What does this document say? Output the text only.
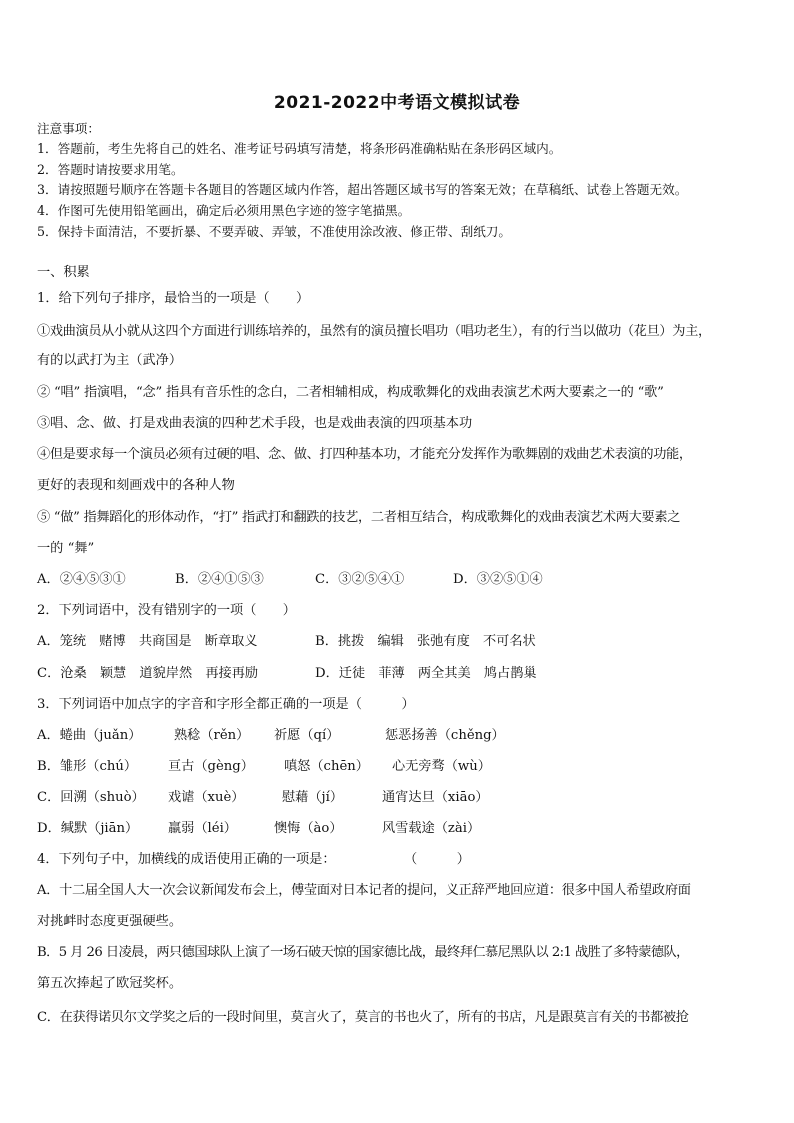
2021-2022中考语文模拟试卷
注意事项：
1．答题前，考生先将自己的姓名、准考证号码填写清楚，将条形码准确粘贴在条形码区域内。
2．答题时请按要求用笔。
3．请按照题号顺序在答题卡各题目的答题区域内作答，超出答题区域书写的答案无效；在草稿纸、试卷上答题无效。
4．作图可先使用铅笔画出，确定后必须用黑色字迹的签字笔描黑。
5．保持卡面清洁，不要折暴、不要弄破、弄皱，不准使用涂改液、修正带、刮纸刀。
一、积累
1．给下列句子排序，最恰当的一项是（　　）
①戏曲演员从小就从这四个方面进行训练培养的，虽然有的演员擅长唱功（唱功老生），有的行当以做功（花旦）为主，
有的以武打为主（武净）
② “唱” 指演唱，“念” 指具有音乐性的念白，二者相辅相成，构成歌舞化的戏曲表演艺术两大要素之一的 “歌”
③唱、念、做、打是戏曲表演的四种艺术手段，也是戏曲表演的四项基本功
④但是要求每一个演员必须有过硬的唱、念、做、打四种基本功，才能充分发挥作为歌舞剧的戏曲艺术表演的功能，
更好的表现和刻画戏中的各种人物
⑤ “做” 指舞蹈化的形体动作，“打” 指武打和翻跌的技艺，二者相互结合，构成歌舞化的戏曲表演艺术两大要素之
一的 “舞”
A．②④⑤③①	B．②④①⑤③	C．③②⑤④①	D．③②⑤①④
2．下列词语中，没有错别字的一项（　　）
A．笼统　赌博　共商国是　断章取义	B．挑拨　编辑　张弛有度　不可名状
C．沧桑　颖慧　道貌岸然　再接再励	D．迁徒　菲薄　两全其美　鸠占鹊巢
3．下列词语中加点字的字音和字形全都正确的一项是（　　　）
A．蜷曲（juǎn） 熟稔（rěn） 祈愿（qí）	惩恶扬善（chěng）
B．雏形（chú） 亘古（gèng） 嗔怒（chēn） 心无旁骛（wù）
C．回溯（shuò） 戏谑（xuè）	慰藉（jí）	通宵达旦（xiāo）
D．缄默（jiān） 羸弱（léi）	懊悔（ào）	风雪载途（zài）
4．下列句子中，加横线的成语使用正确的一项是：	（　　　）
A．十二届全国人大一次会议新闻发布会上，傅莹面对日本记者的提问，义正辞严地回应道：很多中国人希望政府面
对挑衅时态度更强硬些。
B．5 月 26 日凌晨，两只德国球队上演了一场石破天惊的国家德比战，最终拜仁慕尼黑队以 2:1 战胜了多特蒙德队，
第五次捧起了欧冠奖杯。
C．在获得诺贝尔文学奖之后的一段时间里，莫言火了，莫言的书也火了，所有的书店，凡是跟莫言有关的书都被抢
